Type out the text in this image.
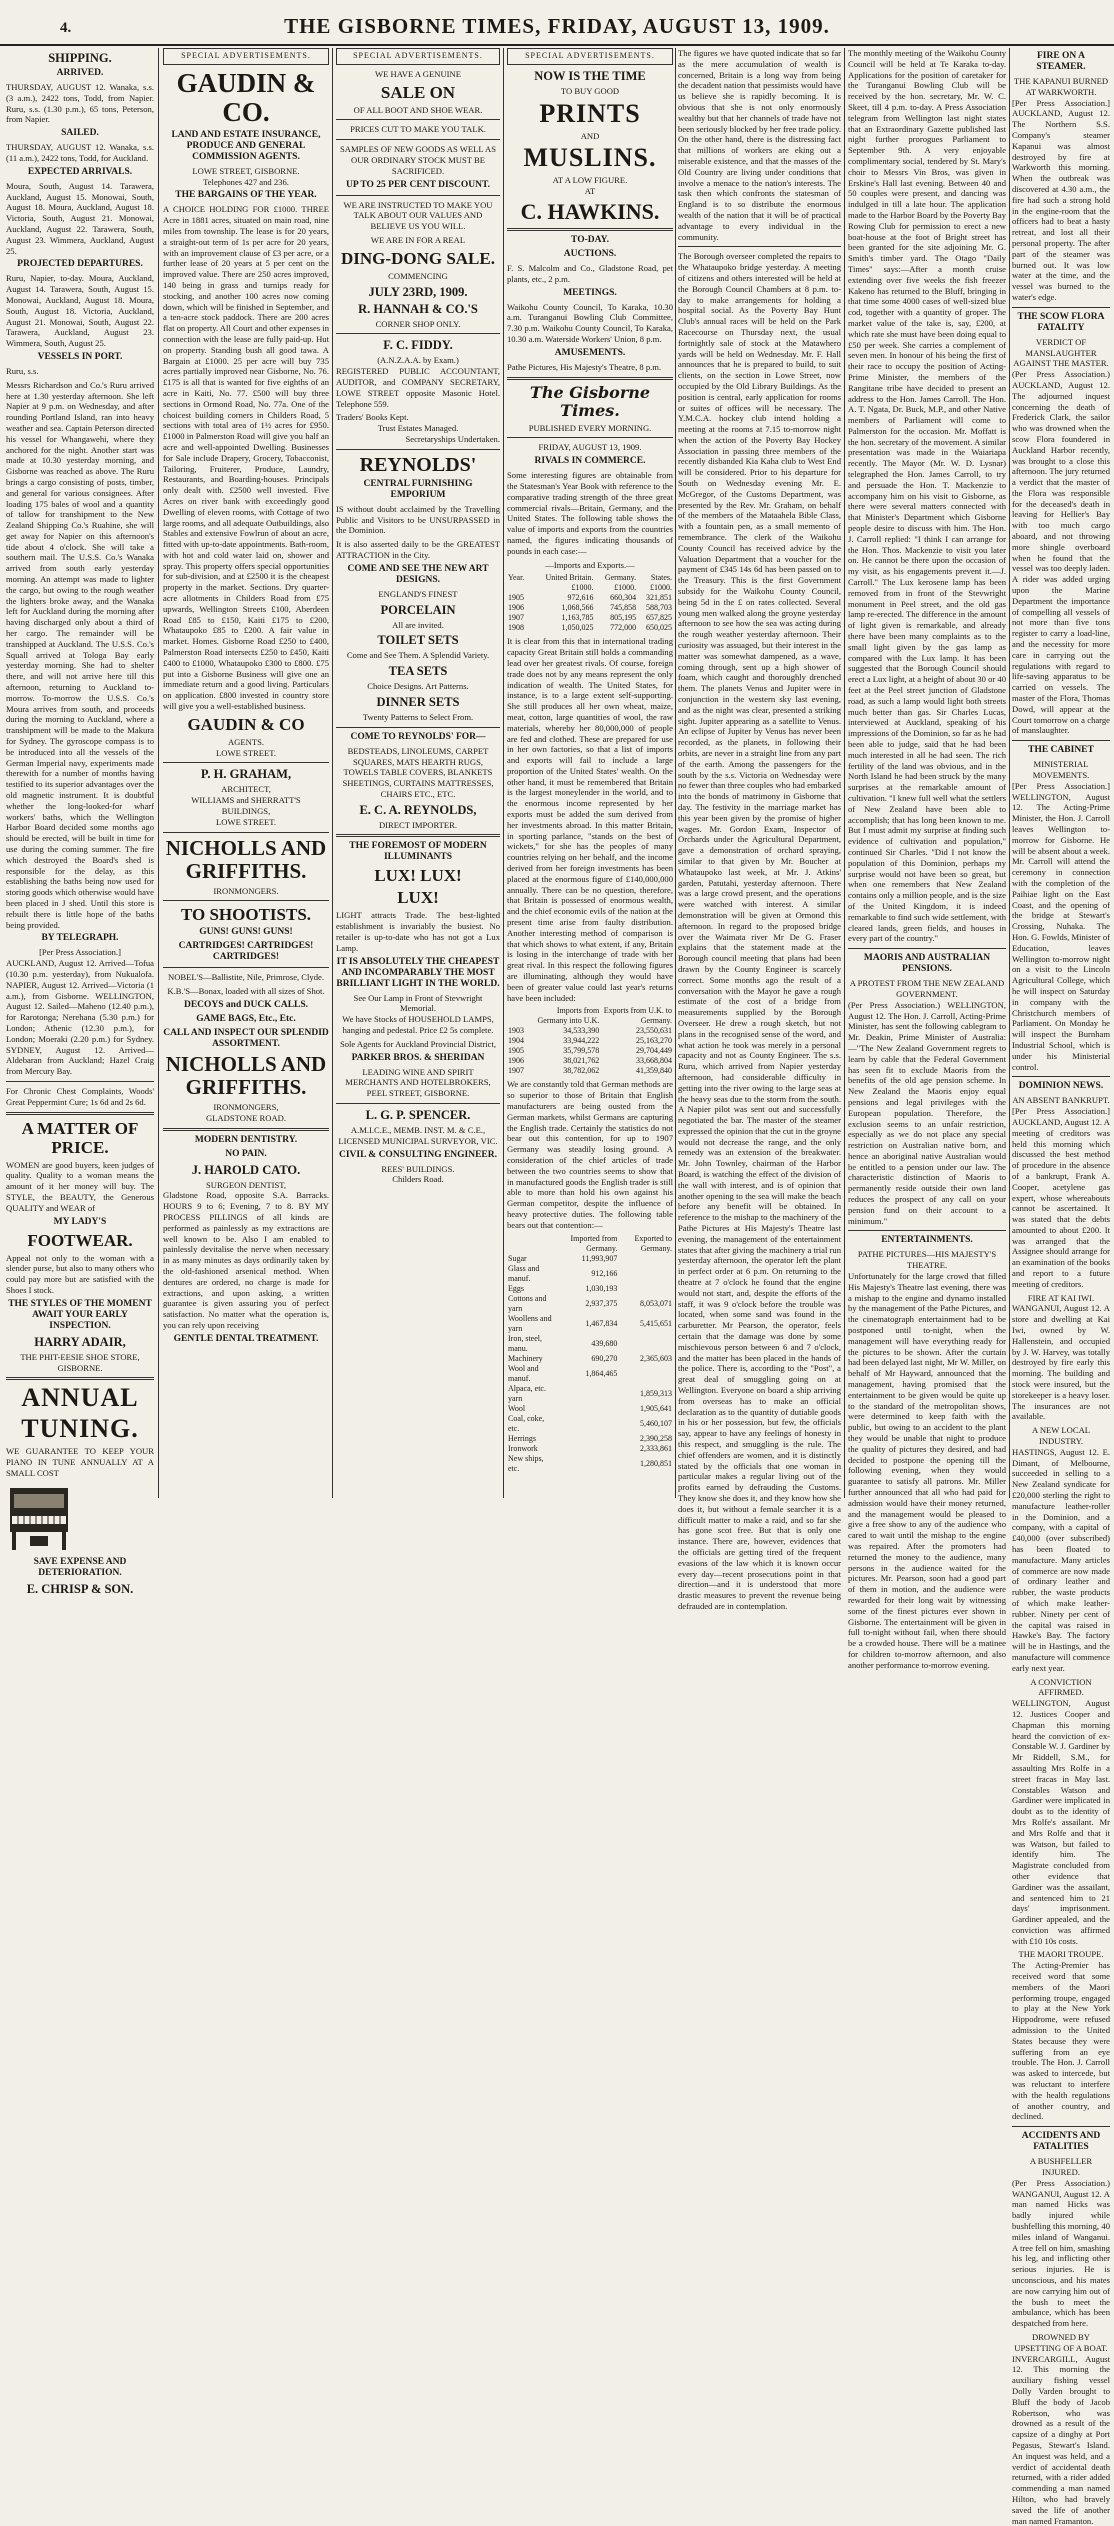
4.	THE GISBORNE TIMES, FRIDAY, AUGUST 13, 1909.
SHIPPING.
ARRIVED.

THURSDAY, AUGUST 12. Wanaka, s.s. (3 a.m.), 2422 tons, Todd, from Napier. Ruru, s.s. (1.30 p.m.), 65 tons, Peterson, from Napier.

SAILED.

THURSDAY, AUGUST 12. Wanaka, s.s. (11 a.m.), 2422 tons, Todd, for Auckland.

EXPECTED ARRIVALS.

Moura, South, August 14. Tarawera, Auckland, August 15. Monowai, South, August 18. Moura, Auckland, August 18. Victoria, South, August 21. Monowai, Auckland, August 22. Tarawera, South, August 23. Wimmera, Auckland, August 25.

PROJECTED DEPARTURES.

Ruru, Napier, to-day. Moura, Auckland, August 14. Tarawera, South, August 15. Monowai, Auckland, August 18. Moura, South, August 18. Victoria, Auckland, August 21. Monowai, South, August 22. Tarawera, Auckland, August 23. Wimmera, South, August 25.

VESSELS IN PORT.

Ruru, s.s.

Messrs Richardson and Co.'s Ruru arrived here at 1.30 yesterday afternoon. She left Napier at 9 p.m. on Wednesday, and after rounding Portland Island, ran into heavy weather and sea. Captain Peterson directed his vessel for Whangawehi, where they anchored for the night. Another start was made at 10.30 yesterday morning, and Gisborne was reached as above. The Ruru brings a cargo consisting of posts, timber, and general for various consignees. After loading 175 bales of wool and a quantity of tallow for transhipment to the New Zealand Shipping Co.'s Ruahine, she will get away for Napier on this afternoon's tide about 4 o'clock. She will take a southern mail. The U.S.S. Co.'s Wanaka arrived from south early yesterday morning. An attempt was made to lighter the cargo, but owing to the rough weather the lighters broke away, and the Wanaka left for Auckland during the morning after having discharged only about a third of her cargo. The remainder will be transhipped at Auckland. The U.S.S. Co.'s Squall arrived at Tologa Bay early yesterday morning. She had to shelter there, and will not arrive here till this afternoon, returning to Auckland to-morrow. To-morrow the U.S.S. Co.'s Moura arrives from south, and proceeds during the morning to Auckland, where a transhipment will be made to the Makura for Sydney. The gyroscope compass is to be introduced into all the vessels of the German Imperial navy, experiments made therewith for a number of months having testified to its superior advantages over the old magnetic instrument. It is doubtful whether the long-looked-for wharf workers' baths, which the Wellington Harbor Board decided some months ago should be erected, will be built in time for use during the coming summer. The fire which destroyed the Board's shed is responsible for the delay, as this establishing the baths being now used for storing goods which otherwise would have been placed in J shed. Until this store is rebuilt there is little hope of the baths being provided.

BY TELEGRAPH.
[Per Press Association.]

AUCKLAND, August 12. Arrived—Tofua (10.30 p.m. yesterday), from Nukualofa. NAPIER, August 12. Arrived—Victoria (1 a.m.), from Gisborne. WELLINGTON, August 12. Sailed—Maheno (12.40 p.m.), for Rarotonga; Nerehana (5.30 p.m.) for London; Athenic (12.30 p.m.), for London; Moeraki (2.20 p.m.) for Sydney. SYDNEY, August 12. Arrived—Aldebaran from Auckland; Hazel Craig from Mercury Bay.

For Chronic Chest Complaints, Woods' Great Peppermint Cure; 1s 6d and 2s 6d.

A MATTER OF PRICE.

WOMEN are good buyers, keen judges of quality. Quality to a woman means the amount of it her money will buy. The STYLE, the BEAUTY, the Generous QUALITY and WEAR of

MY LADY'S
FOOTWEAR.

Appeal not only to the woman with a slender purse, but also to many others who could pay more but are satisfied with the Shoes I stock.

THE STYLES OF THE MOMENT AWAIT YOUR EARLY INSPECTION.
HARRY ADAIR,
THE PHIT-EESIE SHOE STORE, GISBORNE.
ANNUAL
TUNING.

WE GUARANTEE TO KEEP YOUR PIANO IN TUNE ANNUALLY AT A SMALL COST

SAVE EXPENSE AND DETERIORATION.
E. CHRISP & SON.
SPECIAL ADVERTISEMENTS.
GAUDIN & CO.
LAND AND ESTATE INSURANCE, PRODUCE AND GENERAL COMMISSION AGENTS.
LOWE STREET, GISBORNE.
Telephones 427 and 236.
THE BARGAINS OF THE YEAR.

A CHOICE HOLDING FOR £1000. THREE Acre in 1881 acres, situated on main road, nine miles from township. The lease is for 20 years, a straight-out term of 1s per acre for 20 years, with an improvement clause of £3 per acre, or a further lease of 20 years at 5 per cent on the improved value. There are 250 acres improved, 140 being in grass and turnips ready for stocking, and another 100 acres now coming down, which will be finished in September, and a ten-acre stock paddock. There are 200 acres flat on property. All Court and other expenses in connection with the lease are fully paid-up. Hut on property. Standing bush all good tawa. A Bargain at £1000. 25 per acre will buy 735 acres partially improved near Gisborne, No. 76. £175 is all that is wanted for five eighths of an acre in Kaiti, No. 77. £500 will buy three sections in Ormond Road, No. 77a. One of the choicest building corners in Childers Road, 5 sections with total area of 1½ acres for £950. £1000 in Palmerston Road will give you half an acre and well-appointed Dwelling. Businesses for Sale include Drapery, Grocery, Tobacconist, Tailoring, Fruiterer, Produce, Laundry, Restaurants, and Boarding-houses. Principals only dealt with. £2500 well invested. Five Acres on river bank with exceedingly good Dwelling of eleven rooms, with Cottage of two large rooms, and all adequate Outbuildings, also Stables and extensive Fowlrun of about an acre, fitted with up-to-date appointments. Bath-room, with hot and cold water laid on, shower and spray. This property offers special opportunities for sub-division, and at £2500 it is the cheapest property in the market. Sections. Dry quarter-acre allotments in Childers Road from £75 upwards, Wellington Streets £100, Aberdeen Road £85 to £150, Kaiti £175 to £200, Whataupoko £85 to £200. A fair value in market. Homes. Gisborne Road £250 to £400, Palmerston Road intersects £250 to £450, Kaiti £400 to £1000, Whataupoko £300 to £800. £75 put into a Gisborne Business will give one an immediate return and a good living. Particulars on application. £800 invested in country store will give you a well-established business.

GAUDIN & CO
AGENTS.
LOWE STREET.
P. H. GRAHAM,
ARCHITECT,
WILLIAMS and SHERRATT'S
BUILDINGS,
LOWE STREET.
NICHOLLS AND GRIFFITHS.
IRONMONGERS.
TO SHOOTISTS.
GUNS! GUNS! GUNS!
CARTRIDGES! CARTRIDGES! CARTRIDGES!

NOBEL'S—Ballistite, Nile, Primrose, Clyde.

K.B.'S—Bonax, loaded with all sizes of Shot.

DECOYS and DUCK CALLS.
GAME BAGS, Etc., Etc.
CALL AND INSPECT OUR SPLENDID ASSORTMENT.
NICHOLLS AND GRIFFITHS.
IRONMONGERS,
GLADSTONE ROAD.
MODERN DENTISTRY.
NO PAIN.
J. HAROLD CATO.
SURGEON DENTIST,

Gladstone Road, opposite S.A. Barracks. HOURS 9 to 6; Evening, 7 to 8. BY MY PROCESS PILLINGS of all kinds are performed as painlessly as my extractions are well known to be. Also I am enabled to painlessly devitalise the nerve when necessary in as many minutes as days ordinarily taken by the old-fashioned arsenical method. When dentures are ordered, no charge is made for extractions, and upon asking, a written guarantee is given assuring you of perfect satisfaction. No matter what the operation is, you can rely upon receiving

GENTLE DENTAL TREATMENT.
SPECIAL ADVERTISEMENTS.
WE HAVE A GENUINE
SALE ON
OF ALL BOOT AND SHOE WEAR.
PRICES CUT TO MAKE YOU TALK.

SAMPLES OF NEW GOODS AS WELL AS OUR ORDINARY STOCK MUST BE SACRIFICED.

UP TO 25 PER CENT DISCOUNT.

WE ARE INSTRUCTED TO MAKE YOU TALK ABOUT OUR VALUES AND BELIEVE US YOU WILL.

WE ARE IN FOR A REAL
DING-DONG SALE.
COMMENCING
JULY 23RD, 1909.
R. HANNAH & CO.'S
CORNER SHOP ONLY.
F. C. FIDDY.
(A.N.Z.A.A. by Exam.)

REGISTERED PUBLIC ACCOUNTANT, AUDITOR, and COMPANY SECRETARY, LOWE STREET opposite Masonic Hotel. Telephone 559.

Traders' Books Kept.
Trust Estates Managed.
Secretaryships Undertaken.
REYNOLDS'
CENTRAL FURNISHING EMPORIUM

IS without doubt acclaimed by the Travelling Public and Visitors to be UNSURPASSED in the Dominion.

It is also asserted daily to be the GREATEST ATTRACTION in the City.

COME AND SEE THE NEW ART DESIGNS.
ENGLAND'S FINEST
PORCELAIN
All are invited.
TOILET SETS
Come and See Them. A Splendid Variety.
TEA SETS
Choice Designs. Art Patterns.
DINNER SETS
Twenty Patterns to Select From.
COME TO REYNOLDS' FOR—

BEDSTEADS, LINOLEUMS, CARPET SQUARES, MATS HEARTH RUGS, TOWELS TABLE COVERS, BLANKETS SHEETINGS, CURTAINS MATTRESSES, CHAIRS ETC., ETC.

E. C. A. REYNOLDS,
DIRECT IMPORTER.
THE FOREMOST OF MODERN ILLUMINANTS
LUX! LUX!
LUX!

LIGHT attracts Trade. The best-lighted establishment is invariably the busiest. No retailer is up-to-date who has not got a Lux Lamp.

IT IS ABSOLUTELY THE CHEAPEST AND INCOMPARABLY THE MOST BRILLIANT LIGHT IN THE WORLD.
See Our Lamp in Front of Stevwright Memorial.

We have Stocks of HOUSEHOLD LAMPS, hanging and pedestal. Price £2 5s complete.

Sole Agents for Auckland Provincial District,
PARKER BROS. & SHERIDAN
LEADING WINE AND SPIRIT MERCHANTS AND HOTELBROKERS,
PEEL STREET, GISBORNE.
L. G. P. SPENCER.
A.M.I.C.E., MEMB. INST. M. & C.E., LICENSED MUNICIPAL SURVEYOR, VIC.
CIVIL & CONSULTING ENGINEER.
REES' BUILDINGS.
Childers Road.
SPECIAL ADVERTISEMENTS.
NOW IS THE TIME
TO BUY GOOD
PRINTS
AND
MUSLINS.
AT A LOW FIGURE.
AT
C. HAWKINS.
TO-DAY.
AUCTIONS.

F. S. Malcolm and Co., Gladstone Road, pet plants, etc., 2 p.m.

MEETINGS.

Waikohu County Council, To Karaka, 10.30 a.m. Turanganui Bowling Club Committee, 7.30 p.m. Waikohu County Council, To Karaka, 10.30 a.m. Waterside Workers' Union, 8 p.m.

AMUSEMENTS.

Pathe Pictures, His Majesty's Theatre, 8 p.m.

The Gisborne Times.
PUBLISHED EVERY MORNING.
FRIDAY, AUGUST 13, 1909.
RIVALS IN COMMERCE.

Some interesting figures are obtainable from the Statesman's Year Book with reference to the comparative trading strength of the three great commercial rivals—Britain, Germany, and the United States. The following table shows the value of imports and exports from the countries named, the figures indicating thousands of pounds in each case:—

—Imports and Exports.—
Year.	United Britain.	Germany.	States.
	£1000.	£1000.	£1000.
1905	972,616	660,304	321,851
1906	1,068,566	745,858	588,703
1907	1,163,785	805,195	657,825
1908	1,050,025	772,000	650,025

It is clear from this that in international trading capacity Great Britain still holds a commanding lead over her greatest rivals. Of course, foreign trade does not by any means represent the only indication of wealth. The United States, for instance, is to a large extent self-supporting. She still produces all her own wheat, maize, meat, cotton, large quantities of wool, the raw materials, whereby her 80,000,000 of people are fed and clothed. These are prepared for use in her own factories, so that a list of imports and exports will fail to include a large proportion of the United States' wealth. On the other hand, it must be remembered that Britain is the largest moneylender in the world, and to the enormous income represented by her exports must be added the sum derived from her investments abroad. In this matter Britain, in sporting parlance, "stands on the best of wickets," for she has the peoples of many countries relying on her behalf, and the income derived from her foreign investments has been placed at the enormous figure of £140,000,000 annually. There can be no question, therefore, that Britain is possessed of enormous wealth, and the chief economic evils of the nation at the present time arise from faulty distribution. Another interesting method of comparison is that which shows to what extent, if any, Britain is losing in the interchange of trade with her great rival. In this respect the following figures are illuminating, although they would have been of greater value could last year's returns have been included:

	Imports from Germany into U.K.	Exports from U.K. to Germany.
1903	34,533,390	23,550,631
1904	33,944,222	25,163,270
1905	35,799,578	29,704,449
1906	38,021,762	33,668,804
1907	38,782,062	41,359,840

We are constantly told that German methods are so superior to those of Britain that English manufacturers are being ousted from the German markets, whilst Germans are capturing the English trade. Certainly the statistics do not bear out this contention, for up to 1907 Germany was steadily losing ground. A consideration of the chief articles of trade between the two countries seems to show that in manufactured goods the English trader is still able to more than hold his own against his German competitor, despite the influence of heavy protective duties. The following table bears out that contention:—

	Imported from Germany.	Exported to Germany.
Sugar	11,993,907	
Glass and manuf.	912,166	
Eggs	1,030,193	
Cottons and yarn	2,937,375	8,053,071
Woollens and yarn	1,467,834	5,415,651
Iron, steel, manu.	439,680	
Machinery	690,270	2,365,603
Wool and manuf.	1,864,465	
Alpaca, etc. yarn		1,859,313
Wool		1,905,641
Coal, coke, etc.		5,460,107
Herrings		2,390,258
Ironwork		2,333,861
New ships, etc.		1,280,851

The figures we have quoted indicate that so far as the mere accumulation of wealth is concerned, Britain is a long way from being the decadent nation that pessimists would have us believe she is rapidly becoming. It is obvious that she is not only enormously wealthy but that her channels of trade have not been seriously blocked by her free trade policy. On the other hand, there is the distressing fact that millions of workers are eking out a miserable existence, and that the masses of the Old Country are living under conditions that involve a menace to the nation's interests. The task then which confronts the statesman of England is to so distribute the enormous wealth of the nation that it will be of practical advantage to every individual in the community.

The Borough overseer completed the repairs to the Whataupoko bridge yesterday. A meeting of citizens and others interested will be held at the Borough Council Chambers at 8 p.m. to-day to make arrangements for holding a hospital social. As the Poverty Bay Hunt Club's annual races will be held on the Park Racecourse on Thursday next, the usual fortnightly sale of stock at the Matawhero yards will be held on Wednesday. Mr. F. Hall announces that he is prepared to build, to suit clients, on the section in Lowe Street, now occupied by the Old Library Buildings. As the position is central, early application for rooms or suites of offices will be necessary. The Y.M.C.A. hockey club intend holding a meeting at the rooms at 7.15 to-morrow night when the action of the Poverty Bay Hockey Association in passing three members of the recently disbanded Kia Kaha club to West End will be considered. Prior to his departure for South on Wednesday evening Mr. E. McGregor, of the Customs Department, was presented by the Rev. Mr. Graham, on behalf of the members of the Mataahela Bible Class, with a fountain pen, as a small memento of remembrance. The clerk of the Waikohu County Council has received advice by the Valuation Department that a voucher for the payment of £345 14s 6d has been passed on to the Treasury. This is the first Government subsidy for the Waikohu County Council, being 5d in the £ on rates collected. Several young men walked along the groyne yesterday afternoon to see how the sea was acting during the rough weather yesterday afternoon. Their curiosity was assuaged, but their interest in the matter was somewhat dampened, as a wave, coming through, sent up a high shower of foam, which caught and thoroughly drenched them. The planets Venus and Jupiter were in conjunction in the western sky last evening, and as the night was clear, presented a striking sight. Jupiter appearing as a satellite to Venus. An eclipse of Jupiter by Venus has never been recorded, as the planets, in following their orbits, are never in a straight line from any part of the earth. Among the passengers for the south by the s.s. Victoria on Wednesday were no fewer than three couples who had embarked into the bonds of matrimony in Gisborne that day. The festivity in the marriage market has this year been given by the promise of higher wages. Mr. Gordon Exam, Inspector of Orchards under the Agricultural Department, gave a demonstration of orchard spraying, similar to that given by Mr. Boucher at Whataupoko last week, at Mr. J. Atkins' garden, Patutahi, yesterday afternoon. There was a large crowd present, and the operations were watched with interest. A similar demonstration will be given at Ormond this afternoon. In regard to the proposed bridge over the Waimata river Mr De G. Fraser explains that the statement made at the Borough council meeting that plans had been drawn by the County Engineer is scarcely correct. Some months ago the result of a conversation with the Mayor he gave a rough estimate of the cost of a bridge from measurements supplied by the Borough Overseer. He drew a rough sketch, but not plans in the recognised sense of the word, and what action he took was merely in a personal capacity and not as County Engineer. The s.s. Ruru, which arrived from Napier yesterday afternoon, had considerable difficulty in getting into the river owing to the large seas at the heavy seas due to the storm from the south. A Napier pilot was sent out and successfully negotiated the bar. The master of the steamer expressed the opinion that the cut in the groyne would not decrease the range, and the only remedy was an extension of the breakwater. Mr. John Townley, chairman of the Harbor Board, is watching the effect of the division of the wall with interest, and is of opinion that another opening to the sea will make the beach before any benefit will be obtained. In reference to the mishap to the machinery of the Pathe Pictures at His Majesty's Theatre last evening, the management of the entertainment states that after giving the machinery a trial run yesterday afternoon, the operator left the plant in perfect order at 6 p.m. On returning to the theatre at 7 o'clock he found that the engine would not start, and, despite the efforts of the staff, it was 9 o'clock before the trouble was located, when some sand was found in the carburetter. Mr Pearson, the operator, feels certain that the damage was done by some mischievous person between 6 and 7 o'clock, and the matter has been placed in the hands of the police. There is, according to the "Post", a great deal of smuggling going on at Wellington. Everyone on board a ship arriving from overseas has to make an official declaration as to the quantity of dutiable goods in his or her possession, but few, the officials say, appear to have any feelings of honesty in this respect, and smuggling is the rule. The chief offenders are women, and it is distinctly stated by the officials that one woman in particular makes a regular living out of the profits earned by defrauding the Customs. They know she does it, and they know how she does it, but without a female searcher it is a difficult matter to make a raid, and so far she has gone scot free. But that is only one instance. There are, however, evidences that the officials are getting tired of the frequent evasions of the law which it is known occur every day—recent prosecutions point in that direction—and it is understood that more drastic measures to prevent the revenue being defrauded are in contemplation.

The monthly meeting of the Waikohu County Council will be held at Te Karaka to-day. Applications for the position of caretaker for the Turanganui Bowling Club will be received by the hon. secretary, Mr. W. C. Skeet, till 4 p.m. to-day. A Press Association telegram from Wellington last night states that an Extraordinary Gazette published last night further prorogues Parliament to September 9th. A very enjoyable complimentary social, tendered by St. Mary's choir to Messrs Vin Bros, was given in Erskine's Hall last evening. Between 40 and 50 couples were present, and dancing was indulged in till a late hour. The application made to the Harbor Board by the Poverty Bay Rowing Club for permission to erect a new boat-house at the foot of Bright street has been granted for the site adjoining Mr. G. Smith's timber yard. The Otago "Daily Times" says:—After a month cruise extending over five weeks the fish freezer Kakeno has returned to the Bluff, bringing in that time some 4000 cases of well-sized blue cod, together with a quantity of groper. The market value of the take is, say, £200, at which rate she must have been doing equal to £50 per week. She carries a complement of seven men. In honour of his being the first of their race to occupy the position of Acting-Prime Minister, the members of the Rangitane tribe have decided to present an address to the Hon. James Carroll. The Hon. A. T. Ngata, Dr. Buck, M.P., and other Native members of Parliament will come to Palmerston for the occasion. Mr. Moffatt is the hon. secretary of the movement. A similar presentation was made in the Waiariapa recently. The Mayor (Mr. W. D. Lysnar) telegraphed the Hon. James Carroll, to try and persuade the Hon. T. Mackenzie to accompany him on his visit to Gisborne, as there were several matters connected with that Minister's Department which Gisborne people desire to discuss with him. The Hon. J. Carroll replied: "I think I can arrange for the Hon. Thos. Mackenzie to visit you later on. He cannot be there upon the occasion of my visit, as his engagements prevent it.—J. Carroll." The Lux kerosene lamp has been removed from in front of the Stevwright monument in Peel street, and the old gas lamp re-erected. The difference in the amount of light given is remarkable, and already there have been many complaints as to the small light given by the gas lamp as compared with the Lux lamp. It has been suggested that the Borough Council should erect a Lux light, at a height of about 30 or 40 feet at the Peel street junction of Gladstone road, as such a lamp would light both streets much better than gas. Sir Charles Lucas, interviewed at Auckland, speaking of his impressions of the Dominion, so far as he had been able to judge, said that he had been much interested in all he had seen. The rich fertility of the land was obvious, and in the North Island he had been struck by the many surprises at the remarkable amount of cultivation. "I knew full well what the settlers of New Zealand have been able to accomplish; that has long been known to me. But I must admit my surprise at finding such evidence of cultivation and population," continued Sir Charles. "Did I not know the population of this Dominion, perhaps my surprise would not have been so great, but when one remembers that New Zealand contains only a million people, and is the size of the United Kingdom, it is indeed remarkable to find such wide settlement, with cleared lands, green fields, and houses in every part of the country."

MAORIS AND AUSTRALIAN PENSIONS.
A PROTEST FROM THE NEW ZEALAND GOVERNMENT.

(Per Press Association.) WELLINGTON, August 12. The Hon. J. Carroll, Acting-Prime Minister, has sent the following cablegram to Mr. Deakin, Prime Minister of Australia:—"The New Zealand Government regrets to learn by cable that the Federal Government has seen fit to exclude Maoris from the benefits of the old age pension scheme. In New Zealand the Maoris enjoy equal pensions and legal privileges with the European population. Therefore, the exclusion seems to an unfair restriction, especially as we do not place any special restriction on Australian native born, and hence an aboriginal native Australian would be entitled to a pension under our law. The characteristic distinction of Maoris to permanently reside outside their own land reduces the prospect of any call on your pension fund on their account to a minimum."

ENTERTAINMENTS.
PATHE PICTURES—HIS MAJESTY'S THEATRE.

Unfortunately for the large crowd that filled His Majesty's Theatre last evening, there was a mishap to the engine and dynamo installed by the management of the Pathe Pictures, and the cinematograph entertainment had to be postponed until to-night, when the management will have everything ready for the pictures to be shown. After the curtain had been delayed last night, Mr W. Miller, on behalf of Mr Hayward, announced that the management, having promised that the entertainment to be given would be quite up to the standard of the metropolitan shows, were determined to keep faith with the public, but owing to an accident to the plant they would be unable that night to produce the quality of pictures they desired, and had decided to postpone the opening till the following evening, when they would guarantee to satisfy all patrons. Mr. Miller further announced that all who had paid for admission would have their money returned, and the management would be pleased to give a free show to any of the audience who cared to wait until the mishap to the engine was repaired. After the promoters had returned the money to the audience, many persons in the audience waited for the pictures. Mr. Pearson, soon had a good part of them in motion, and the audience were rewarded for their long wait by witnessing some of the finest pictures ever shown in Gisborne. The entertainment will be given in full to-night without fail, when there should be a crowded house. There will be a matinee for children to-morrow afternoon, and also another performance to-morrow evening.

FIRE ON A STEAMER.
THE KAPANUI BURNED AT WARKWORTH.

[Per Press Association.] AUCKLAND, August 12. The Northern S.S. Company's steamer Kapanui was almost destroyed by fire at Warkworth this morning. When the outbreak was discovered at 4.30 a.m., the fire had such a strong hold in the engine-room that the officers had to beat a hasty retreat, and lost all their personal property. The after part of the steamer was burned out. It was low water at the time, and the vessel was burned to the water's edge.

THE SCOW FLORA FATALITY
VERDICT OF MANSLAUGHTER AGAINST THE MASTER.

(Per Press Association.) AUCKLAND, August 12. The adjourned inquest concerning the death of Frederick Clark, the sailor who was drowned when the scow Flora foundered in Auckland Harbor recently, was brought to a close this afternoon. The jury returned a verdict that the master of the Flora was responsible for the deceased's death in leaving for Hellier's Bay with too much cargo aboard, and not throwing more shingle overboard when he found that the vessel was too deeply laden. A rider was added urging upon the Marine Department the importance of compelling all vessels of not more than five tons register to carry a load-line, and the necessity for more care in carrying out the regulations with regard to life-saving apparatus to be carried on vessels. The master of the Flora, Thomas Dowd, will appear at the Court tomorrow on a charge of manslaughter.

THE CABINET
MINISTERIAL MOVEMENTS.

[Per Press Association.] WELLINGTON, August 12. The Acting-Prime Minister, the Hon. J. Carroll leaves Wellington to-morrow for Gisborne. He will be absent about a week. Mr. Carroll will attend the ceremony in connection with the completion of the Paihiae light on the East Coast, and the opening of the bridge at Stewart's Crossing, Nuhaka. The Hon. G. Fowlds, Minister of Education, leaves Wellington to-morrow night on a visit to the Lincoln Agricultural College, which he will inspect on Saturday in company with the Christchurch members of Parliament. On Monday he will inspect the Burnham Industrial School, which is under his Ministerial control.

DOMINION NEWS.
AN ABSENT BANKRUPT.

[Per Press Association.] AUCKLAND, August 12. A meeting of creditors was held this morning which discussed the best method of procedure in the absence of a bankrupt, Frank A. Cooper, acetylene gas expert, whose whereabouts cannot be ascertained. It was stated that the debts amounted to about £200. It was arranged that the Assignee should arrange for an examination of the books and report to a future meeting of creditors.

FIRE AT KAI IWI.

WANGANUI, August 12. A store and dwelling at Kai Iwi, owned by W. Hallenstein, and occupied by J. W. Harvey, was totally destroyed by fire early this morning. The building and stock were insured, but the storekeeper is a heavy loser. The insurances are not available.

A NEW LOCAL INDUSTRY.

HASTINGS, August 12. E. Dimant, of Melbourne, succeeded in selling to a New Zealand syndicate for £20,000 sterling the right to manufacture leather-roller in the Dominion, and a company, with a capital of £40,000 (over subscribed) has been floated to manufacture. Many articles of commerce are now made of ordinary leather and rubber, the waste products of which make leather-rubber. Ninety per cent of the capital was raised in Hawke's Bay. The factory will be in Hastings, and the manufacture will commence early next year.

A CONVICTION AFFIRMED.

WELLINGTON, August 12. Justices Cooper and Chapman this morning heard the conviction of ex-Constable W. J. Gardiner by Mr Riddell, S.M., for assaulting Mrs Rolfe in a street fracas in May last. Constables Watson and Gardiner were implicated in doubt as to the identity of Mrs Rolfe's assailant. Mr and Mrs Rolfe and that it was Watson, but failed to identify him. The Magistrate concluded from other evidence that Gardiner was the assailant, and sentenced him to 21 days' imprisonment. Gardiner appealed, and the conviction was affirmed with £10 10s costs.

THE MAORI TROUPE.

The Acting-Premier has received word that some members of the Maori performing troupe, engaged to play at the New York Hippodrome, were refused admission to the United States because they were suffering from an eye trouble. The Hon. J. Carroll was asked to intercede, but was reluctant to interfere with the health regulations of another country, and declined.

ACCIDENTS AND FATALITIES
A BUSHFELLER INJURED.

(Per Press Association.) WANGANUI, August 12. A man named Hicks was badly injured while bushfelling this morning, 40 miles inland of Wanganui. A tree fell on him, smashing his leg, and inflicting other serious injuries. He is unconscious, and his mates are now carrying him out of the bush to meet the ambulance, which has been despatched from here.

DROWNED BY UPSETTING OF A BOAT.

INVERCARGILL, August 12. This morning the auxiliary fishing vessel Dolly Varden brought to Bluff the body of Jacob Robertson, who was drowned as a result of the capsize of a dinghy at Port Pegasus, Stewart's Island. An inquest was held, and a verdict of accidental death returned, with a rider added commending a man named Hilton, who had bravely saved the life of another man named Framanton.
